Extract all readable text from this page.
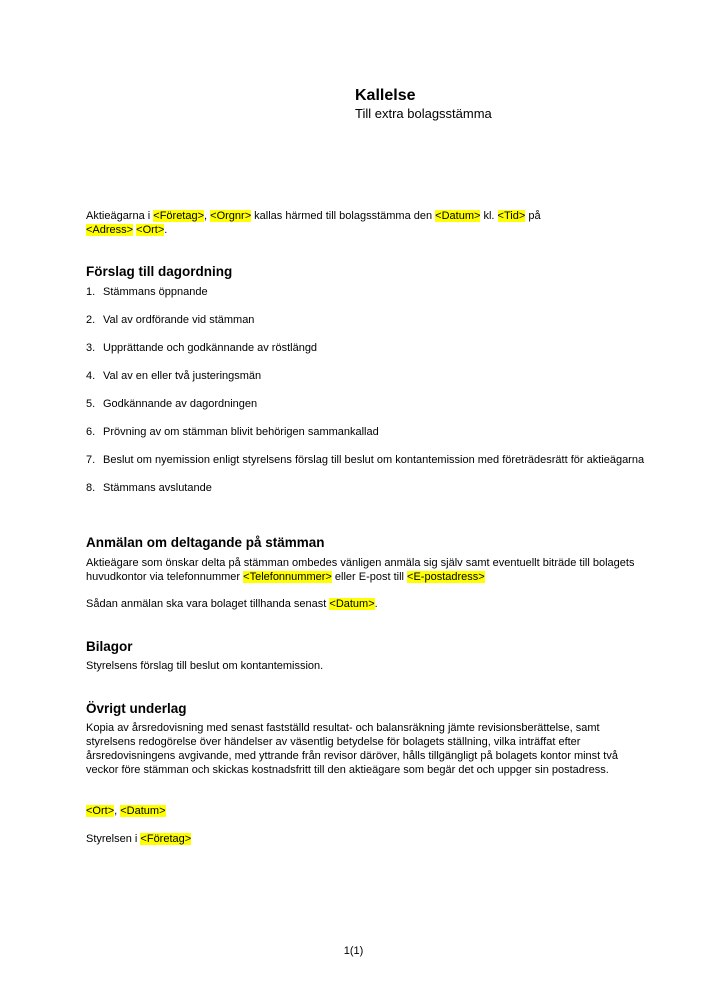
Kallelse

Till extra bolagsstämma

Aktieägarna i <Företag>, <Orgnr> kallas härmed till bolagsstämma den <Datum> kl. <Tid> på
<Adress> <Ort>.

Förslag till dagordning
1. Stämmans öppnande
2. Val av ordförande vid stämman
3. Upprättande och godkännande av röstlängd
4. Val av en eller två justeringsmän
5. Godkännande av dagordningen
6. Prövning av om stämman blivit behörigen sammankallad
7. Beslut om nyemission enligt styrelsens förslag till beslut om kontantemission med företrädesrätt för aktieägarna
8. Stämmans avslutande
Anmälan om deltagande på stämman

Aktieägare som önskar delta på stämman ombedes vänligen anmäla sig själv samt eventuellt biträde till bolagets huvudkontor via telefonnummer <Telefonnummer> eller E-post till <E-postadress>

Sådan anmälan ska vara bolaget tillhanda senast <Datum>.

Bilagor

Styrelsens förslag till beslut om kontantemission.

Övrigt underlag

Kopia av årsredovisning med senast fastställd resultat- och balansräkning jämte revisionsberättelse, samt styrelsens redogörelse över händelser av väsentlig betydelse för bolagets ställning, vilka inträffat efter årsredovisningens avgivande, med yttrande från revisor däröver, hålls tillgängligt på bolagets kontor minst två veckor före stämman och skickas kostnadsfritt till den aktieägare som begär det och uppger sin postadress.

<Ort>, <Datum>

Styrelsen i <Företag>

1(1)
